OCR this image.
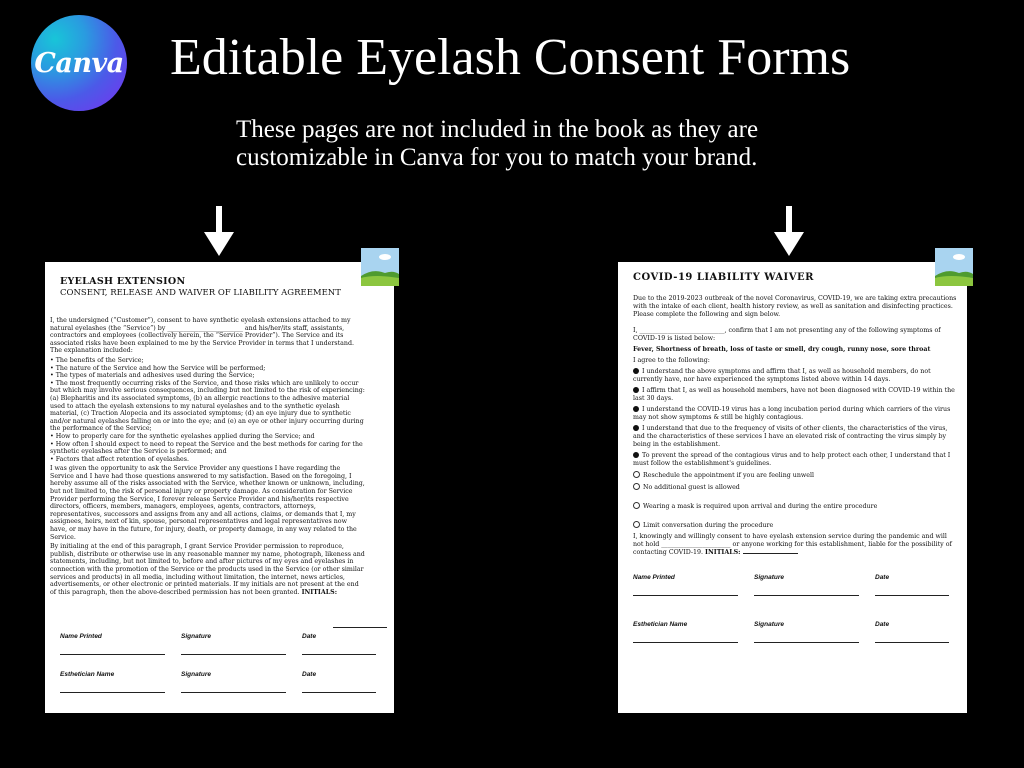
Canva Editable Eyelash Consent Forms
These pages are not included in the book as they are
customizable in Canva for you to match your brand.
EYELASH EXTENSION
CONSENT, RELEASE AND WAIVER OF LIABILITY AGREEMENT

I, the undersigned (“Customer”), consent to have synthetic eyelash extensions attached to my natural eyelashes (the “Service”) by ________________________ and his/her/its staff, assistants, contractors and employees (collectively herein, the “Service Provider”). The Service and its associated risks have been explained to me by the Service Provider in terms that I understand. The explanation included:

• The benefits of the Service;
• The nature of the Service and how the Service will be performed;
• The types of materials and adhesives used during the Service;
• The most frequently occurring risks of the Service, and those risks which are unlikely to occur but which may involve serious consequences, including but not limited to the risk of experiencing: (a) Blepharitis and its associated symptoms, (b) an allergic reactions to the adhesive material used to attach the eyelash extensions to my natural eyelashes and to the synthetic eyelash material, (c) Traction Alopecia and its associated symptoms; (d) an eye injury due to synthetic and/or natural eyelashes falling on or into the eye; and (e) an eye or other injury occurring during the performance of the Service;
• How to properly care for the synthetic eyelashes applied during the Service; and
• How often I should expect to need to repeat the Service and the best methods for caring for the synthetic eyelashes after the Service is performed; and

• Factors that affect retention of eyelashes.

I was given the opportunity to ask the Service Provider any questions I have regarding the Service and I have had those questions answered to my satisfaction. Based on the foregoing, I hereby assume all of the risks associated with the Service, whether known or unknown, including, but not limited to, the risk of personal injury or property damage. As consideration for Service Provider performing the Service, I forever release Service Provider and his/her/its respective directors, officers, members, managers, employees, agents, contractors, attorneys, representatives, successors and assigns from any and all actions, claims, or demands that I, my assignees, heirs, next of kin, spouse, personal representatives and legal representatives now have, or may have in the future, for injury, death, or property damage, in any way related to the Service.

By initialing at the end of this paragraph, I grant Service Provider permission to reproduce, publish, distribute or otherwise use in any reasonable manner my name, photograph, likeness and statements, including, but not limited to, before and after pictures of my eyes and eyelashes in connection with the promotion of the Service or the products used in the Service (or other similar services and products) in all media, including without limitation, the internet, news articles, advertisements, or other electronic or printed materials. If my initials are not present at the end of this paragraph, then the above-described permission has not been granted. INITIALS:

Name Printed	Signature	Date
Esthetician Name	Signature	Date
COVID-19 LIABILITY WAIVER

Due to the 2019-2023 outbreak of the novel Coronavirus, COVID-19, we are taking extra precautions with the intake of each client, health history review, as well as sanitation and disinfecting practices. Please complete the following and sign below.

I, ___________________________, confirm that I am not presenting any of the following symptoms of COVID-19 is listed below:

Fever, Shortness of breath, loss of taste or smell, dry cough, runny nose, sore throat

I agree to the following:

I understand the above symptoms and affirm that I, as well as household members, do not currently have, nor have experienced the symptoms listed above within 14 days.

I affirm that I, as well as household members, have not been diagnosed with COVID-19 within the last 30 days.

I understand the COVID-19 virus has a long incubation period during which carriers of the virus may not show symptoms & still be highly contagious.

I understand that due to the frequency of visits of other clients, the characteristics of the virus, and the characteristics of these services I have an elevated risk of contracting the virus simply by being in the establishment.

To prevent the spread of the contagious virus and to help protect each other, I understand that I must follow the establishment's guidelines.

Reschedule the appointment if you are feeling unwell

No additional guest is allowed

Wearing a mask is required upon arrival and during the entire procedure

Limit conversation during the procedure

I, knowingly and willingly consent to have eyelash extension service during the pandemic and will not hold ______________________ or anyone working for this establishment, liable for the possibility of contacting COVID-19. INITIALS:

Name Printed	Signature	Date
Esthetician Name	Signature	Date
